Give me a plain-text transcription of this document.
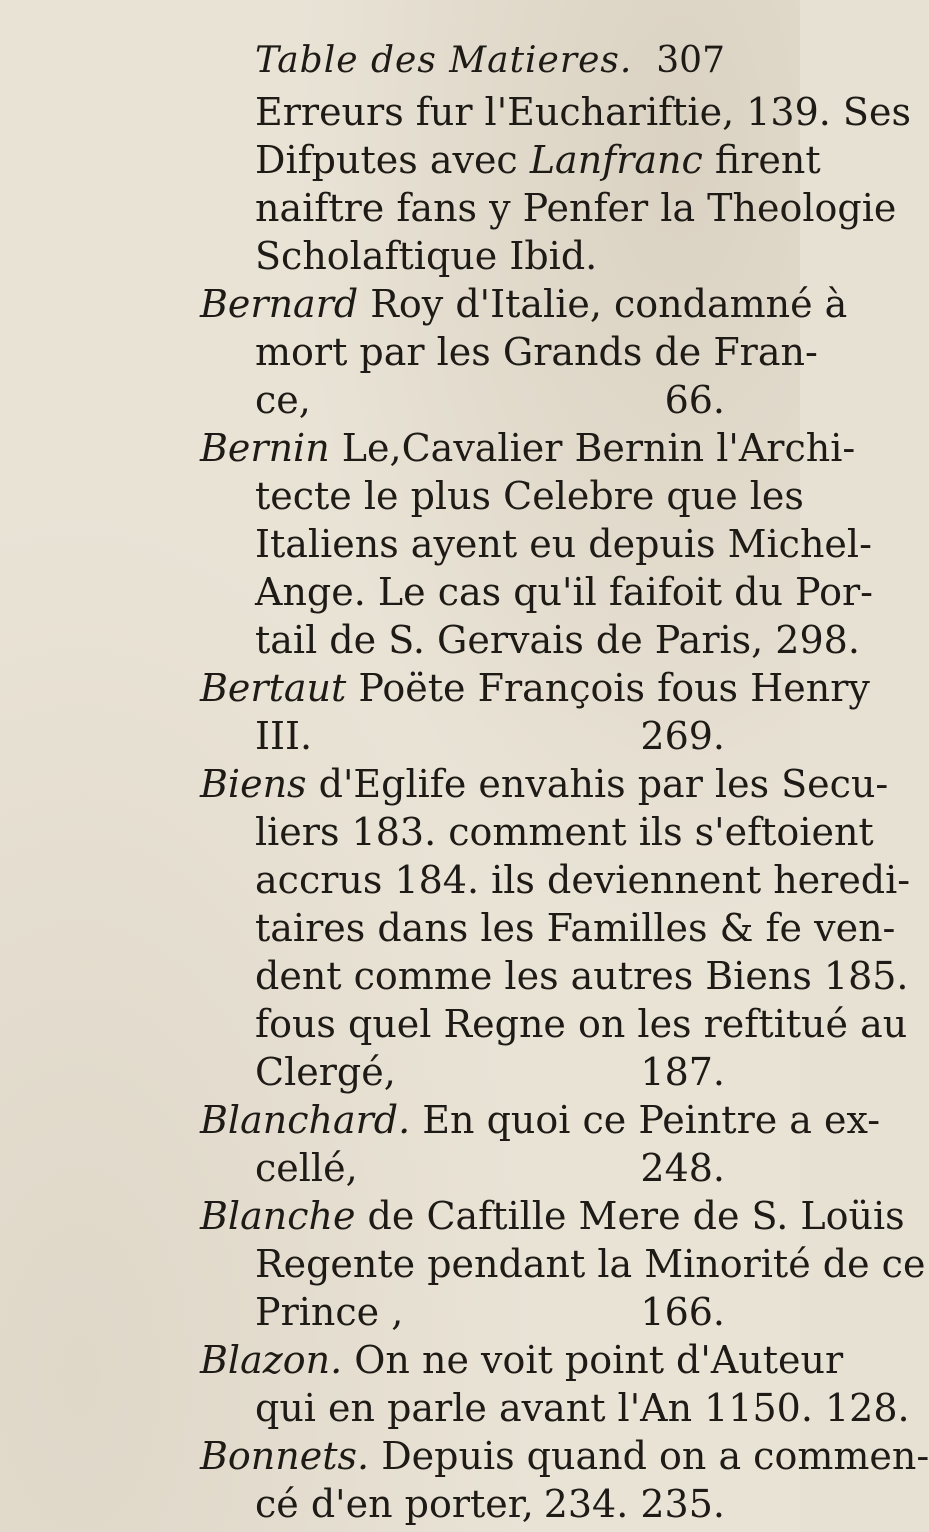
Table des Matieres. 307
Erreurs fur l'Euchariftie, 139. Ses
Difputes avec Lanfranc firent
naiftre fans y Penfer la Theologie
Scholaftique Ibid.
Bernard Roy d'Italie, condamné à
mort par les Grands de Fran-
ce,	66.
Bernin Le,Cavalier Bernin l'Archi-
tecte le plus Celebre que les
Italiens ayent eu depuis Michel-
Ange. Le cas qu'il faifoit du Por-
tail de S. Gervais de Paris, 298.
Bertaut Poëte François fous Henry
III.	269.
Biens d'Eglife envahis par les Secu-
liers 183. comment ils s'eftoient
accrus 184. ils deviennent heredi-
taires dans les Familles & fe ven-
dent comme les autres Biens 185.
fous quel Regne on les reftitué au
Clergé,	187.
Blanchard. En quoi ce Peintre a ex-
cellé,	248.
Blanche de Caftille Mere de S. Loüis
Regente pendant la Minorité de ce
Prince ,	166.
Blazon. On ne voit point d'Auteur
qui en parle avant l'An 1150. 128.
Bonnets. Depuis quand on a commen-
cé d'en porter, 234. 235.
